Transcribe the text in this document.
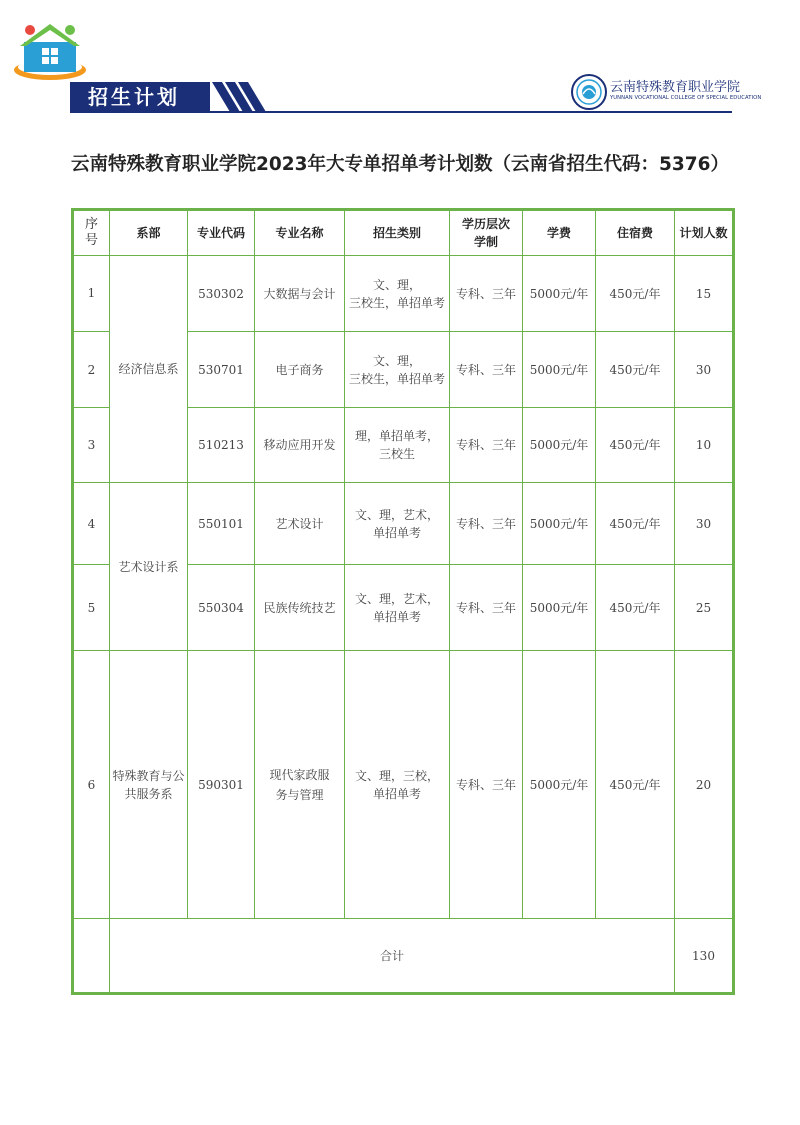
招生计划	云南特殊教育职业学院
YUNNAN VOCATIONAL COLLEGE OF SPECIAL EDUCATION
云南特殊教育职业学院2023年大专单招单考计划数（云南省招生代码：5376）
序
号	系部	专业代码	专业名称	招生类别	学历层次
学制	学费	住宿费	计划人数
1	经济信息系	530302	大数据与会计	文、理，
三校生，单招单考	专科、三年	5000元/年	450元/年	15
2		530701	电子商务	文、理，
三校生，单招单考	专科、三年	5000元/年	450元/年	30
3		510213	移动应用开发	理，单招单考，
三校生	专科、三年	5000元/年	450元/年	10
4	艺术设计系	550101	艺术设计	文、理，艺术，
单招单考	专科、三年	5000元/年	450元/年	30
5		550304	民族传统技艺	文、理，艺术，
单招单考	专科、三年	5000元/年	450元/年	25
6	特殊教育与公共服务系	590301	现代家政服
务与管理	文、理，三校，
单招单考	专科、三年	5000元/年	450元/年	20
	合计							130
